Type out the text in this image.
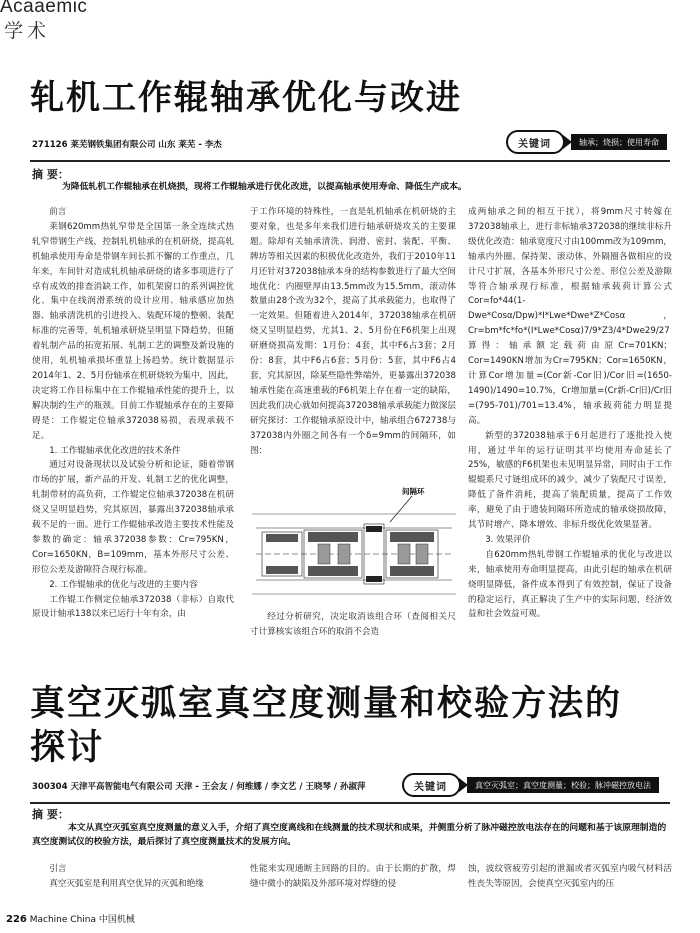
Acaaemic
学术
轧机工作辊轴承优化与改进
271126 莱芜钢铁集团有限公司 山东 莱芜 - 李杰	关键词	轴承；烧损；使用寿命
摘 要：
为降低轧机工作辊轴承在机烧损，现将工作辊轴承进行优化改进，以提高轴承使用寿命、降低生产成本。

前言

莱钢620mm热轧窄带是全国第一条全连续式热轧窄带钢生产线，控制轧机轴承的在机研烧，提高轧机轴承使用寿命是带钢车间长抓不懈的工作重点，几年来，车间针对造成轧机轴承研烧的诸多事项进行了卓有成效的排查消缺工作，如机架窗口的系列调控优化、集中在线润滑系统的设计应用、轴承感应加热器、轴承清洗机的引进投入、装配环境的整顿、装配标准的完善等，轧机轴承研烧呈明显下降趋势，但随着轧制产品的拓宽拓展、轧制工艺的调整及新设施的使用，轧机轴承损坏重显上扬趋势。统计数据显示2014年1、2、5月份轴承在机研烧较为集中，因此，决定将工作目标集中在工作辊轴承性能的提升上，以解决制约生产的瓶颈。目前工作辊轴承存在的主要障碍是：工作辊定位轴承372038易损，表现承载不足。

1. 工作辊轴承优化改进的技术条件

通过对设备现状以及试验分析和论证，随着带钢市场的扩展，新产品的开发、轧制工艺的优化调整，轧制带材的高负荷，工作辊定位轴承372038在机研烧又呈明显趋势，究其原因，暴露出372038轴承承载不足的一面。进行工作辊轴承改造主要技术性能及参数的确定：轴承372038参数：Cr=795KN，Cor=1650KN，B=109mm，基本外形尺寸公差、形位公差及游隙符合现行标准。

2. 工作辊轴承的优化与改进的主要内容

工作辊工作侧定位轴承372038（非标）自取代原设计轴承138以来已运行十年有余，由

于工作环境的特殊性，一直是轧机轴承在机研烧的主要对象，也是多年来我们进行轴承研烧攻关的主要课题。除却有关轴承清洗、润滑、密封、装配、平衡、牌坊等相关因素的积极优化改造外，我们于2010年11月还针对372038轴承本身的结构参数进行了最大空间地优化：内圈壁厚由13.5mm改为15.5mm，滚动体数量由28个改为32个，提高了其承载能力，也取得了一定效果。但随着进入2014年，372038轴承在机研烧又呈明显趋势，尤其1、2、5月份在F6机架上出现研磨烧损高发期：1月份：4套，其中F6占3套；2月份：8套，其中F6占6套；5月份：5套，其中F6占4套，究其原因，除某些隐性弊端外，更暴露出372038轴承性能在高速重载的F6机架上存在着一定的缺陷，因此我们决心就如何提高372038轴承承载能力做深层研究探讨：工作辊轴承原设计中，轴承组合672738与372038内外圈之间各有一个δ=9mm的间隔环，如图：

间隔环

经过分析研究，决定取消该组合环（查阅相关尺寸计算核实该组合环的取消不会造

成两轴承之间的相互干扰），将9mm尺寸转嫁在372038轴承上，进行非标轴承372038的继续非标升级优化改造：轴承宽度尺寸由100mm改为109mm，轴承内外圈、保持架、滚动体、外隔圈各做相应的设计尺寸扩展，各基本外形尺寸公差、形位公差及游隙等符合轴承现行标准，根据轴承载荷计算公式Cor=fo*44(1-Dwe*Cosα/Dpw)*I*Lwe*Dwe*Z*Cosα，Cr=bm*fc*fo*(I*Lwe*Cosα)7/9*Z3/4*Dwe29/27算得：轴承额定载荷由原Cr=701KN；Cor=1490KN增加为Cr=795KN；Cor=1650KN，计算Cor增加量=(Cor新-Cor旧)/Cor旧=(1650-1490)/1490=10.7%，Cr增加量=(Cr新-Cr旧)/Cr旧=(795-701)/701=13.4%，轴承载荷能力明显提高。

新型的372038轴承于6月起进行了逐批投入使用，通过半年的运行证明其平均使用寿命延长了25%，敏感的F6机架也未见明显异常，同时由于工作辊辊系尺寸链组成环的减少，减少了装配尺寸误差，降低了备件消耗，提高了装配质量，提高了工作效率，避免了由于遗装间隔环所造成的轴承烧损故障，其节时增产、降本增效、非标升级优化效果显著。

3. 效果评价

自620mm热轧带钢工作辊轴承的优化与改进以来，轴承使用寿命明显提高，由此引起的轴承在机研烧明显降低，备件成本得到了有效控制，保证了设备的稳定运行，真正解决了生产中的实际问题，经济效益和社会效益可观。

真空灭弧室真空度测量和校验方法的
探讨
300304 天津平高智能电气有限公司 天津 - 王会友 / 何维娜 / 李文艺 / 王晓琴 / 孙淑萍	关键词	真空灭弧室；真空度测量；校验；脉冲磁控放电法
摘 要：
本文从真空灭弧室真空度测量的意义入手，介绍了真空度离线和在线测量的技术现状和成果，并侧重分析了脉冲磁控放电法存在的问题和基于该原理制造的真空度测试仪的校验方法，最后探讨了真空度测量技术的发展方向。

引言

真空灭弧室是利用真空优异的灭弧和绝缘

性能来实现通断主回路的目的。由于长期的扩散，焊缝中微小的缺陷及外部环境对焊缝的侵

蚀，波纹管疲劳引起的泄漏或者灭弧室内吸气材料活性丧失等原因，会使真空灭弧室内的压

226 Machine China 中国机械
